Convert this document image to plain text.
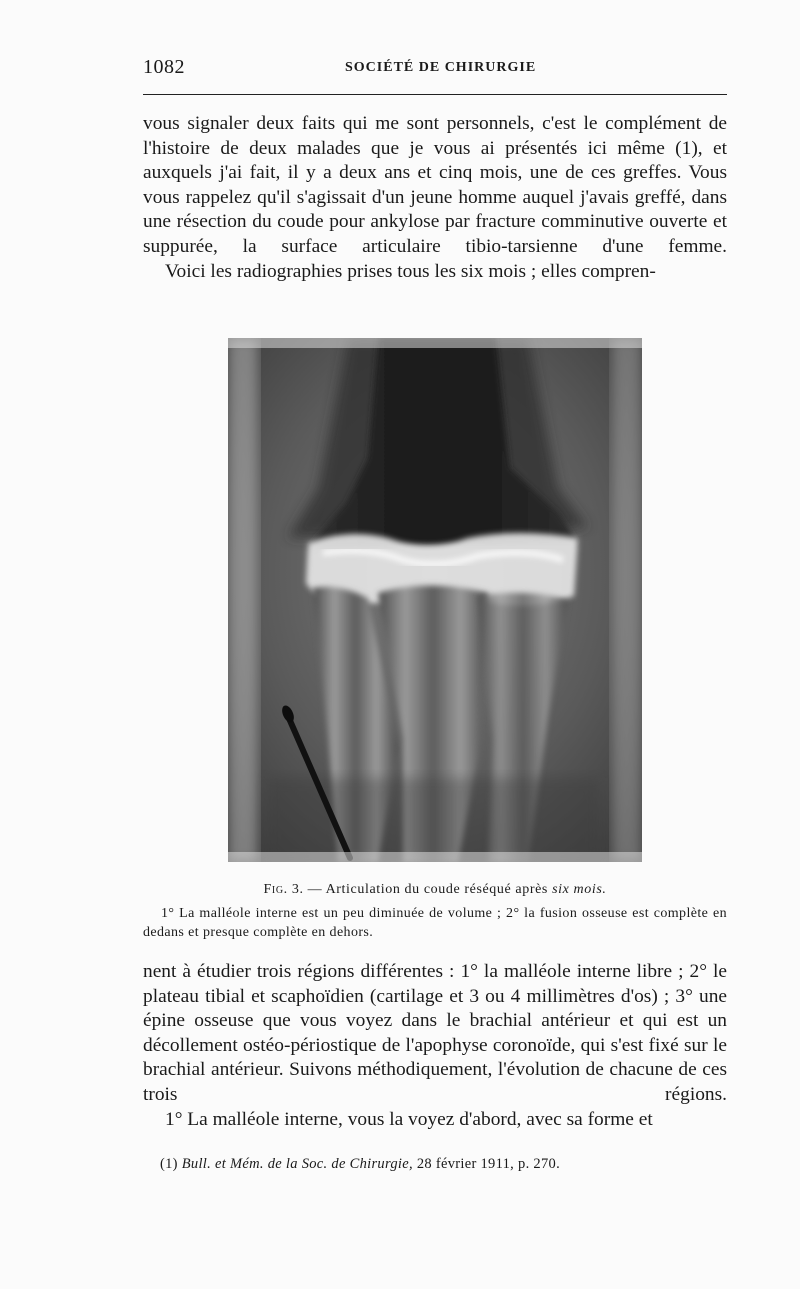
1082	SOCIÉTÉ DE CHIRURGIE

vous signaler deux faits qui me sont personnels, c'est le complément de l'histoire de deux malades que je vous ai présentés ici même (1), et auxquels j'ai fait, il y a deux ans et cinq mois, une de ces greffes. Vous vous rappelez qu'il s'agissait d'un jeune homme auquel j'avais greffé, dans une résection du coude pour ankylose par fracture comminutive ouverte et suppurée, la surface articulaire tibio-tarsienne d'une femme.

Voici les radiographies prises tous les six mois ; elles compren-

Fig. 3. — Articulation du coude réséqué après six mois.

1° La malléole interne est un peu diminuée de volume ; 2° la fusion osseuse est complète en dedans et presque complète en dehors.

nent à étudier trois régions différentes : 1° la malléole interne libre ; 2° le plateau tibial et scaphoïdien (cartilage et 3 ou 4 millimètres d'os) ; 3° une épine osseuse que vous voyez dans le brachial antérieur et qui est un décollement ostéo-périostique de l'apophyse coronoïde, qui s'est fixé sur le brachial antérieur. Suivons méthodiquement, l'évolution de chacune de ces trois régions.

1° La malléole interne, vous la voyez d'abord, avec sa forme et

(1) Bull. et Mém. de la Soc. de Chirurgie, 28 février 1911, p. 270.
